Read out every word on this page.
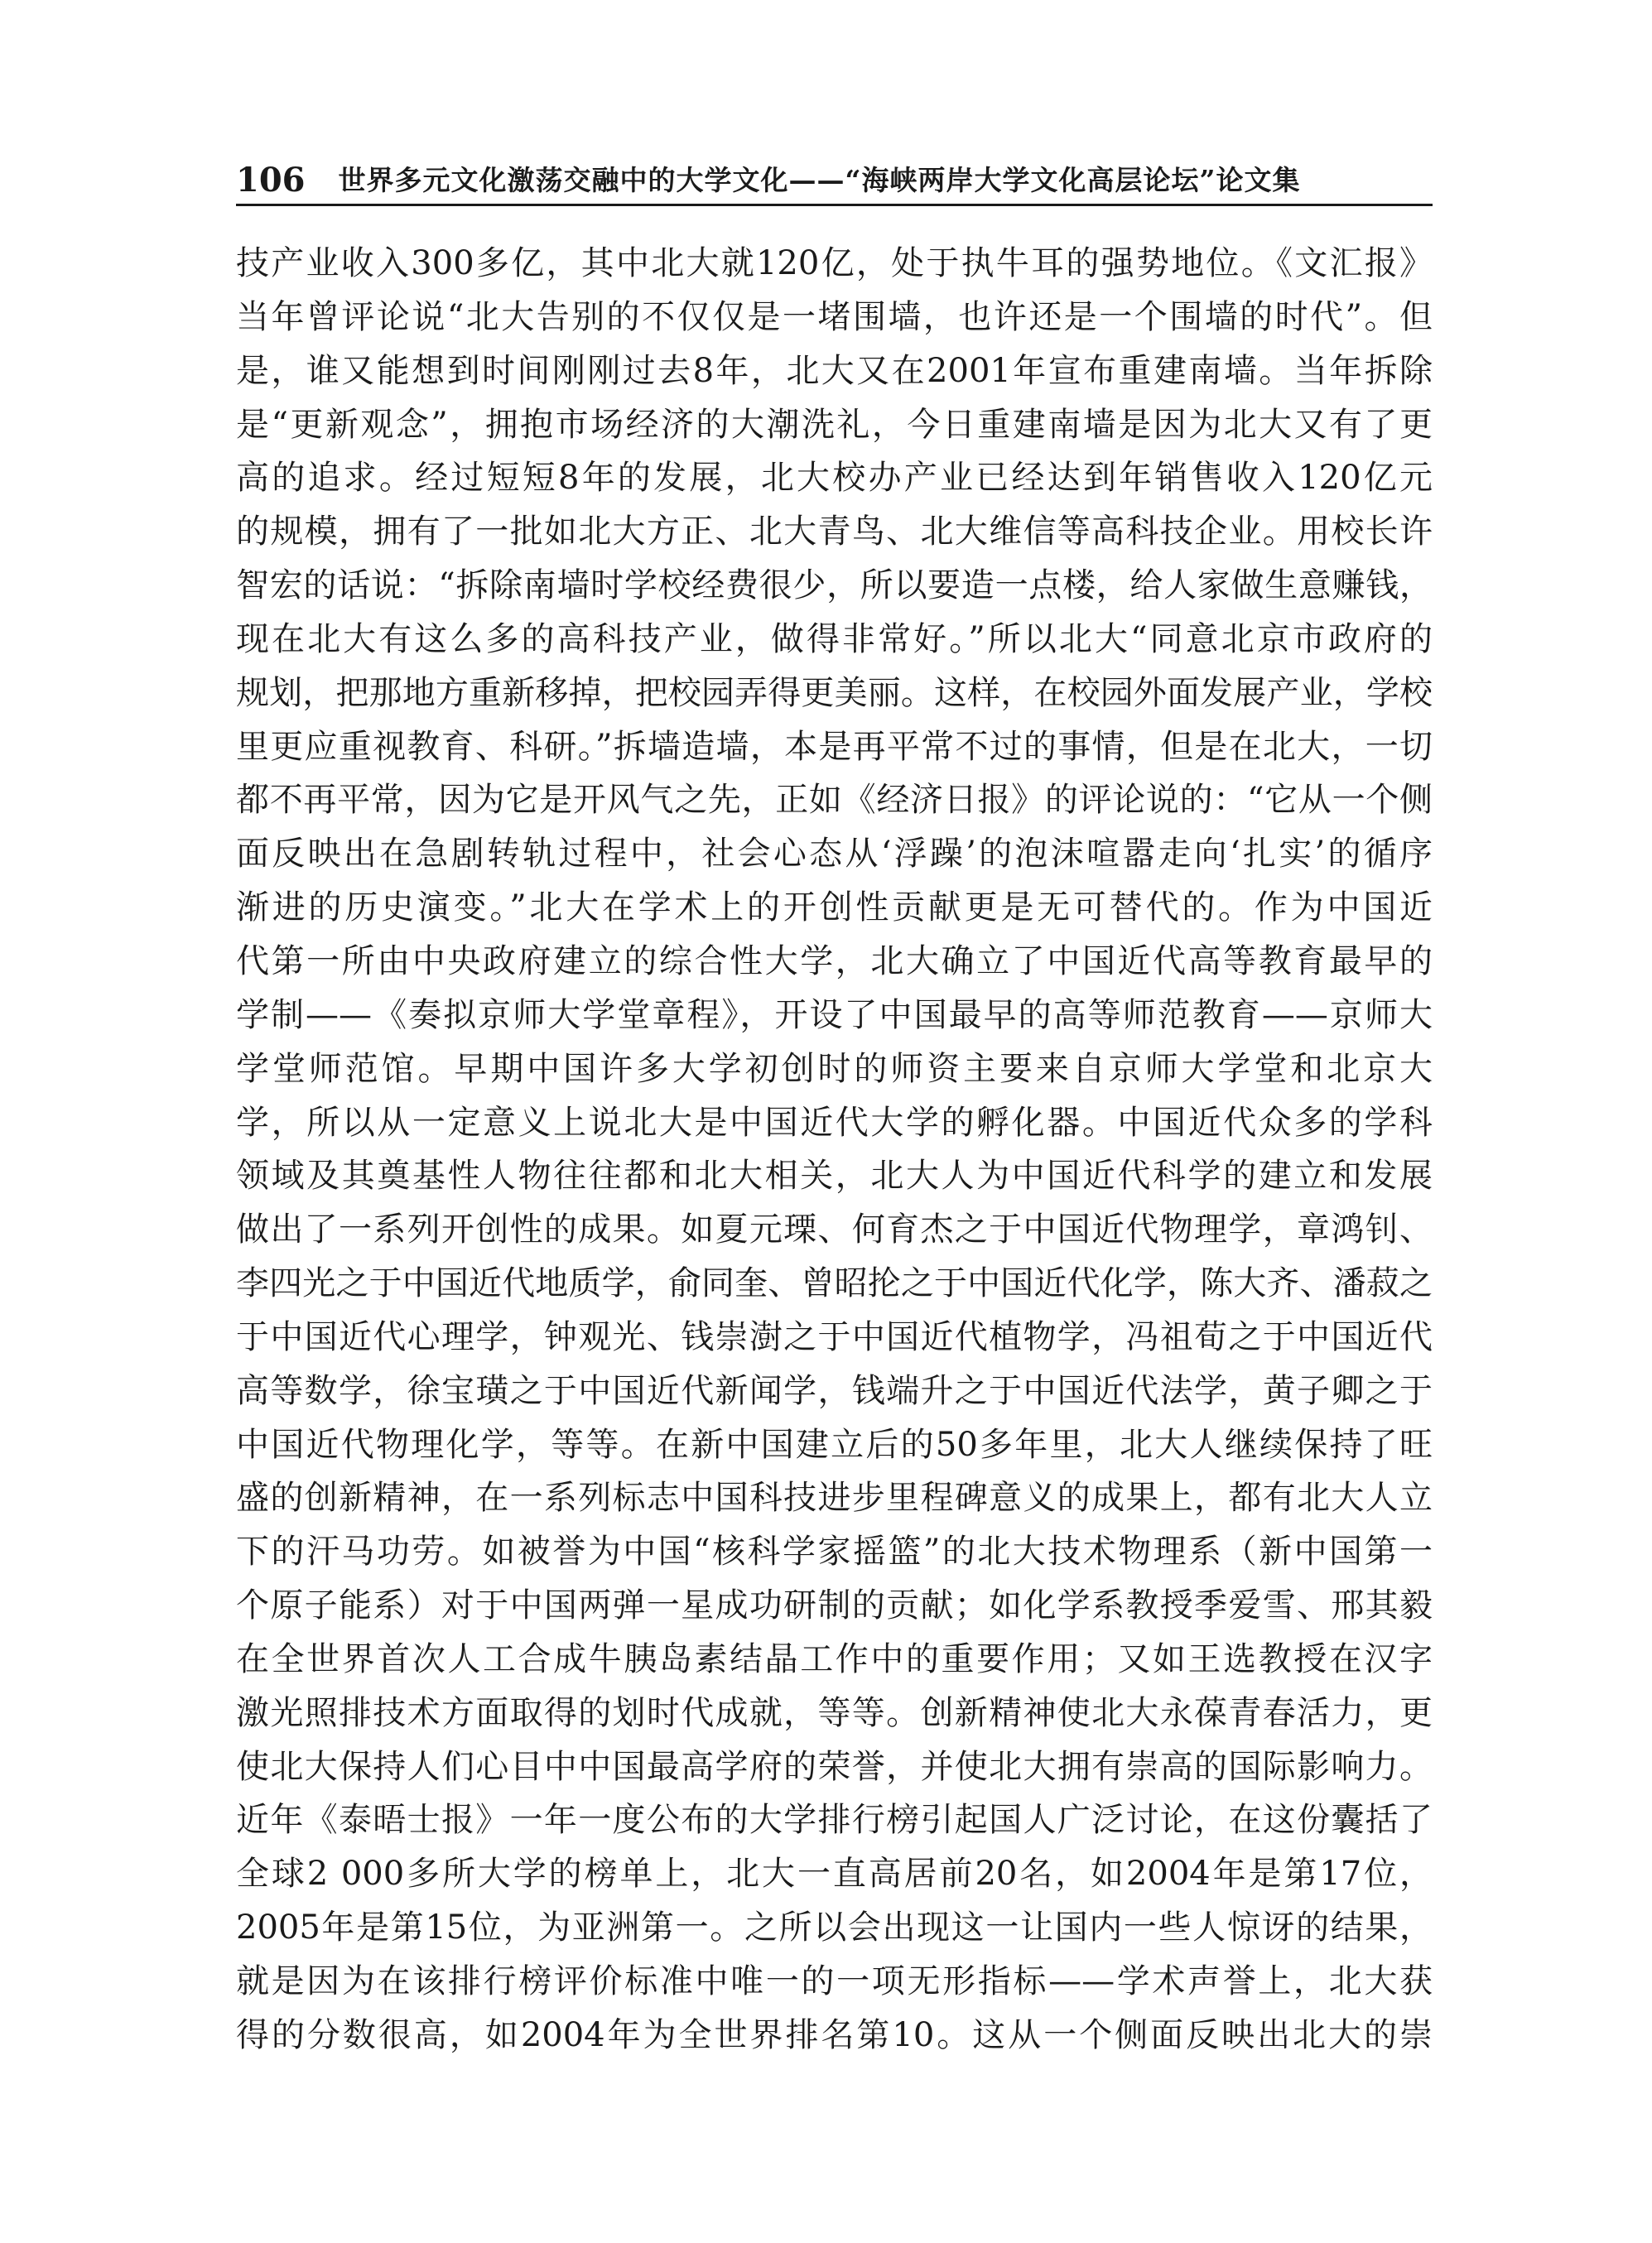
106 世界多元文化激荡交融中的大学文化——“海峡两岸大学文化高层论坛”论文集
技产业收入300多亿，其中北大就120亿，处于执牛耳的强势地位。《文汇报》
当年曾评论说“北大告别的不仅仅是一堵围墙，也许还是一个围墙的时代”。但
是，谁又能想到时间刚刚过去8年，北大又在2001年宣布重建南墙。当年拆除
是“更新观念”，拥抱市场经济的大潮洗礼，今日重建南墙是因为北大又有了更
高的追求。经过短短8年的发展，北大校办产业已经达到年销售收入120亿元
的规模，拥有了一批如北大方正、北大青鸟、北大维信等高科技企业。用校长许
智宏的话说：“拆除南墙时学校经费很少，所以要造一点楼，给人家做生意赚钱，
现在北大有这么多的高科技产业，做得非常好。”所以北大“同意北京市政府的
规划，把那地方重新移掉，把校园弄得更美丽。这样，在校园外面发展产业，学校
里更应重视教育、科研。”拆墙造墙，本是再平常不过的事情，但是在北大，一切
都不再平常，因为它是开风气之先，正如《经济日报》的评论说的：“它从一个侧
面反映出在急剧转轨过程中，社会心态从‘浮躁’的泡沫喧嚣走向‘扎实’的循序
渐进的历史演变。”北大在学术上的开创性贡献更是无可替代的。作为中国近
代第一所由中央政府建立的综合性大学，北大确立了中国近代高等教育最早的
学制——《奏拟京师大学堂章程》，开设了中国最早的高等师范教育——京师大
学堂师范馆。早期中国许多大学初创时的师资主要来自京师大学堂和北京大
学，所以从一定意义上说北大是中国近代大学的孵化器。中国近代众多的学科
领域及其奠基性人物往往都和北大相关，北大人为中国近代科学的建立和发展
做出了一系列开创性的成果。如夏元瑮、何育杰之于中国近代物理学，章鸿钊、
李四光之于中国近代地质学，俞同奎、曾昭抡之于中国近代化学，陈大齐、潘菽之
于中国近代心理学，钟观光、钱崇澍之于中国近代植物学，冯祖荀之于中国近代
高等数学，徐宝璜之于中国近代新闻学，钱端升之于中国近代法学，黄子卿之于
中国近代物理化学，等等。在新中国建立后的50多年里，北大人继续保持了旺
盛的创新精神，在一系列标志中国科技进步里程碑意义的成果上，都有北大人立
下的汗马功劳。如被誉为中国“核科学家摇篮”的北大技术物理系（新中国第一
个原子能系）对于中国两弹一星成功研制的贡献；如化学系教授季爱雪、邢其毅
在全世界首次人工合成牛胰岛素结晶工作中的重要作用；又如王选教授在汉字
激光照排技术方面取得的划时代成就，等等。创新精神使北大永葆青春活力，更
使北大保持人们心目中中国最高学府的荣誉，并使北大拥有崇高的国际影响力。
近年《泰晤士报》一年一度公布的大学排行榜引起国人广泛讨论，在这份囊括了
全球2 000多所大学的榜单上，北大一直高居前20名，如2004年是第17位，
2005年是第15位，为亚洲第一。之所以会出现这一让国内一些人惊讶的结果，
就是因为在该排行榜评价标准中唯一的一项无形指标——学术声誉上，北大获
得的分数很高，如2004年为全世界排名第10。这从一个侧面反映出北大的崇
